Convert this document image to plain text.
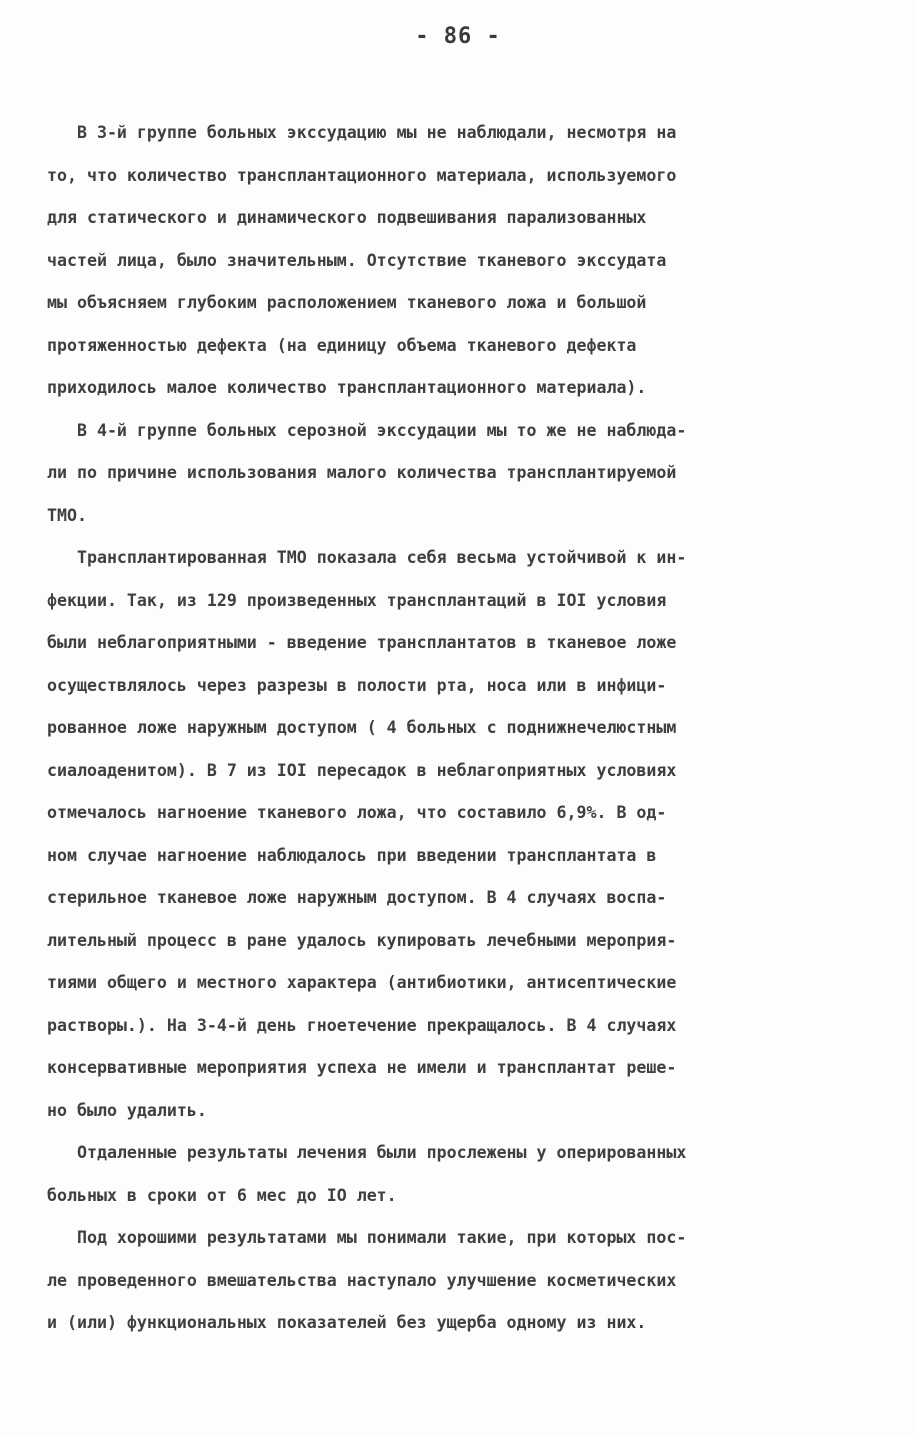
- 86 -
В 3-й группе больных экссудацию мы не наблюдали, несмотря на
то, что количество трансплантационного материала, используемого
для статического и динамического подвешивания парализованных
частей лица, было значительным. Отсутствие тканевого экссудата
мы объясняем глубоким расположением тканевого ложа и большой
протяженностью дефекта (на единицу объема тканевого дефекта
приходилось малое количество трансплантационного материала).
В 4-й группе больных серозной экссудации мы то же не наблюда-
ли по причине использования малого количества трансплантируемой
ТМО.
Трансплантированная ТМО показала себя весьма устойчивой к ин-
фекции. Так, из 129 произведенных трансплантаций в IOI условия
были неблагоприятными - введение трансплантатов в тканевое ложе
осуществлялось через разрезы в полости рта, носа или в инфици-
рованное ложе наружным доступом ( 4 больных с поднижнечелюстным
сиалоаденитом). В 7 из IOI пересадок в неблагоприятных условиях
отмечалось нагноение тканевого ложа, что составило 6,9%. В од-
ном случае нагноение наблюдалось при введении трансплантата в
стерильное тканевое ложе наружным доступом. В 4 случаях воспа-
лительный процесс в ране удалось купировать лечебными мероприя-
тиями общего и местного характера (антибиотики, антисептические
растворы.). На 3-4-й день гноетечение прекращалось. В 4 случаях
консервативные мероприятия успеха не имели и трансплантат реше-
но было удалить.
Отдаленные результаты лечения были прослежены у оперированных
больных в сроки от 6 мес до IO лет.
Под хорошими результатами мы понимали такие, при которых пос-
ле проведенного вмешательства наступало улучшение косметических
и (или) функциональных показателей без ущерба одному из них.
